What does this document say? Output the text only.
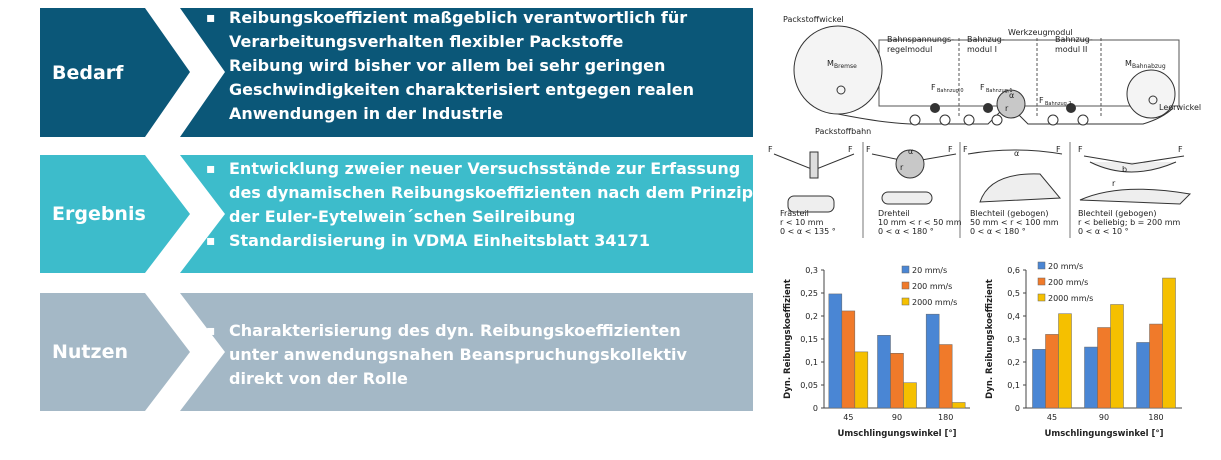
Bedarf
▪ Reibungskoeffizient maßgeblich verantwortlich für Verarbeitungsverhalten flexibler Packstoffe
▪ Reibung wird bisher vor allem bei sehr geringen Geschwindigkeiten charakterisiert entgegen realen Anwendungen in der Industrie
Ergebnis
▪ Entwicklung zweier neuer Versuchsstände zur Erfassung des dynamischen Reibungskoeffizienten nach dem Prinzip der Euler-Eytelwein´schen Seilreibung
▪ Standardisierung in VDMA Einheitsblatt 34171
Nutzen
▪ Charakterisierung des dyn. Reibungskoeffizienten unter anwendungsnahen Beanspruchungskollektiv direkt von der Rolle
Packstoffwickel
M Bremse
Bahnspannungs-
regelmodul
Werkzeugmodul
Bahnzug-
modul I
Bahnzug-
modul II
M Bahnabzug
F Bahnzug,0 F Bahnzug,1
F Bahnzug,2
α
r
Packstoffbahn
Leerwickel
F	F
Frästeil
r < 10 mm
0 < α < 135 °
F	F
r
α
Drehteil
10 mm < r < 50 mm
0 < α < 180 °
F	F
α
Blechteil (gebogen)
50 mm < r < 100 mm
0 < α < 180 °
F	F
b
r
Blechteil (gebogen)
r < beliebig; b = 200 mm
0 < α < 10 °
0
0,05
0,1
0,15
0,2
0,25
0,3
45	90	180
Umschlingungswinkel [°]
Dyn. Reibungskoeffizient
20 mm/s
200 mm/s
2000 mm/s
0
0,1
0,2
0,3
0,4
0,5
0,6
45	90	180
Umschlingungswinkel [°]
Dyn. Reibungskoeffizient
20 mm/s
200 mm/s
2000 mm/s
